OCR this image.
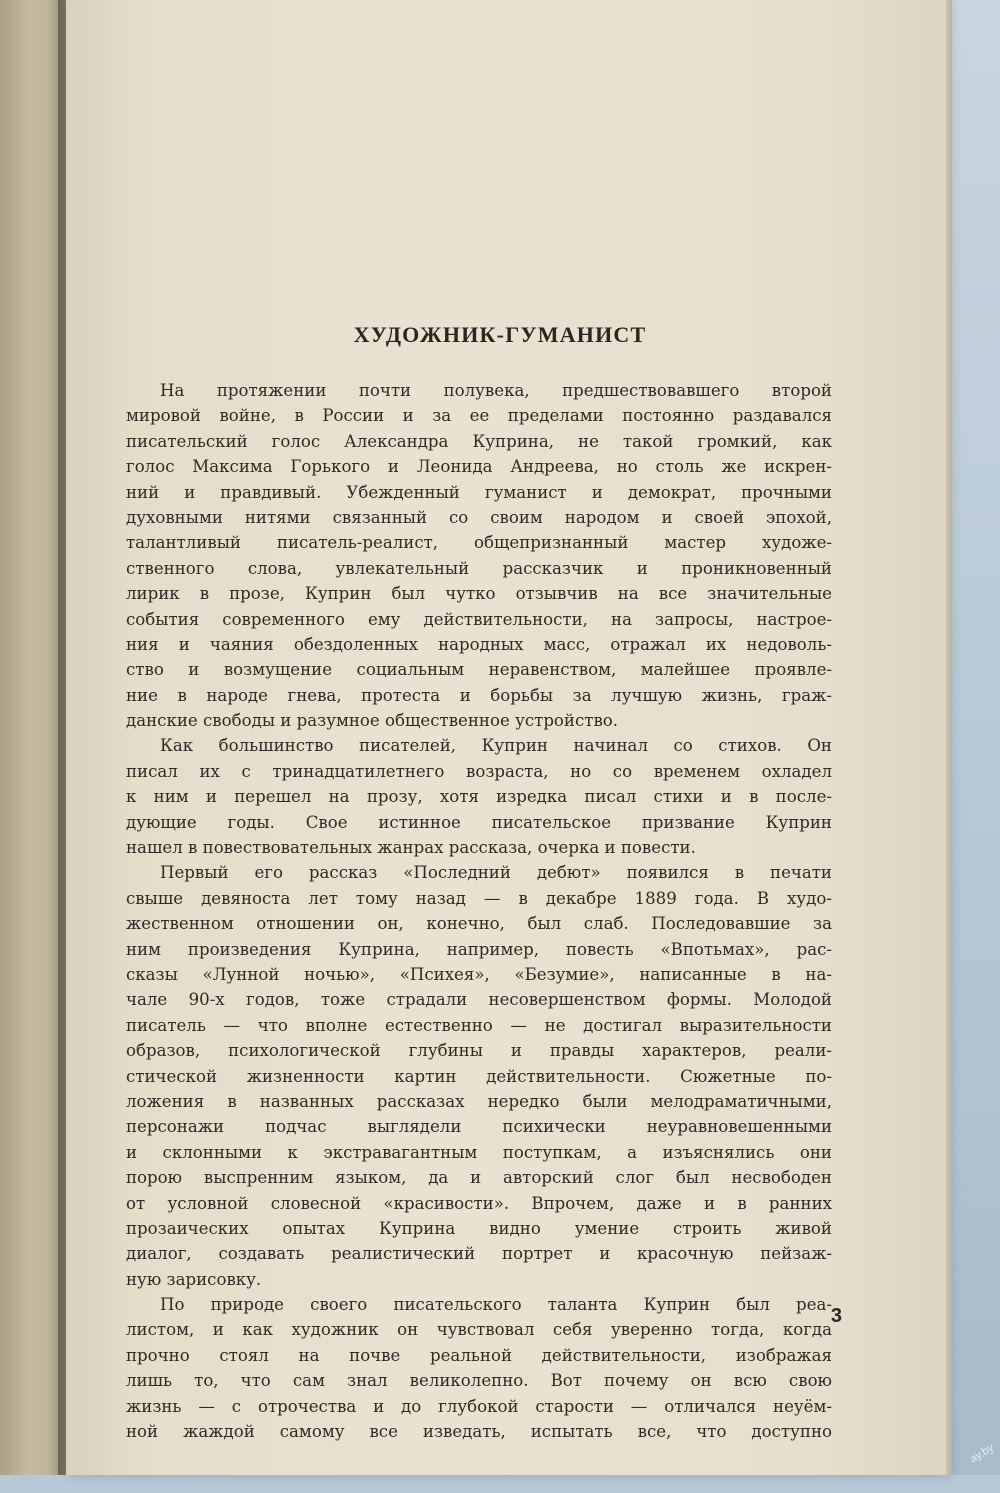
ХУДОЖНИК-ГУМАНИСТ
На протяжении почти полувека, предшествовавшего второй
мировой войне, в России и за ее пределами постоянно раздавался
писательский голос Александра Куприна, не такой громкий, как
голос Максима Горького и Леонида Андреева, но столь же искрен-
ний и правдивый. Убежденный гуманист и демократ, прочными
духовными нитями связанный со своим народом и своей эпохой,
талантливый писатель-реалист, общепризнанный мастер художе-
ственного слова, увлекательный рассказчик и проникновенный
лирик в прозе, Куприн был чутко отзывчив на все значительные
события современного ему действительности, на запросы, настрое-
ния и чаяния обездоленных народных масс, отражал их недоволь-
ство и возмущение социальным неравенством, малейшее проявле-
ние в народе гнева, протеста и борьбы за лучшую жизнь, граж-
данские свободы и разумное общественное устройство.
Как большинство писателей, Куприн начинал со стихов. Он
писал их с тринадцатилетнего возраста, но со временем охладел
к ним и перешел на прозу, хотя изредка писал стихи и в после-
дующие годы. Свое истинное писательское призвание Куприн
нашел в повествовательных жанрах рассказа, очерка и повести.
Первый его рассказ «Последний дебют» появился в печати
свыше девяноста лет тому назад — в декабре 1889 года. В худо-
жественном отношении он, конечно, был слаб. Последовавшие за
ним произведения Куприна, например, повесть «Впотьмах», рас-
сказы «Лунной ночью», «Психея», «Безумие», написанные в на-
чале 90-х годов, тоже страдали несовершенством формы. Молодой
писатель — что вполне естественно — не достигал выразительности
образов, психологической глубины и правды характеров, реали-
стической жизненности картин действительности. Сюжетные по-
ложения в названных рассказах нередко были мелодраматичными,
персонажи подчас выглядели психически неуравновешенными
и склонными к экстравагантным поступкам, а изъяснялись они
порою выспренним языком, да и авторский слог был несвободен
от условной словесной «красивости». Впрочем, даже и в ранних
прозаических опытах Куприна видно умение строить живой
диалог, создавать реалистический портрет и красочную пейзаж-
ную зарисовку.
По природе своего писательского таланта Куприн был реа-
листом, и как художник он чувствовал себя уверенно тогда, когда
прочно стоял на почве реальной действительности, изображая
лишь то, что сам знал великолепно. Вот почему он всю свою
жизнь — с отрочества и до глубокой старости — отличался неуём-
ной жаждой самому все изведать, испытать все, что доступно
3
ay.by
